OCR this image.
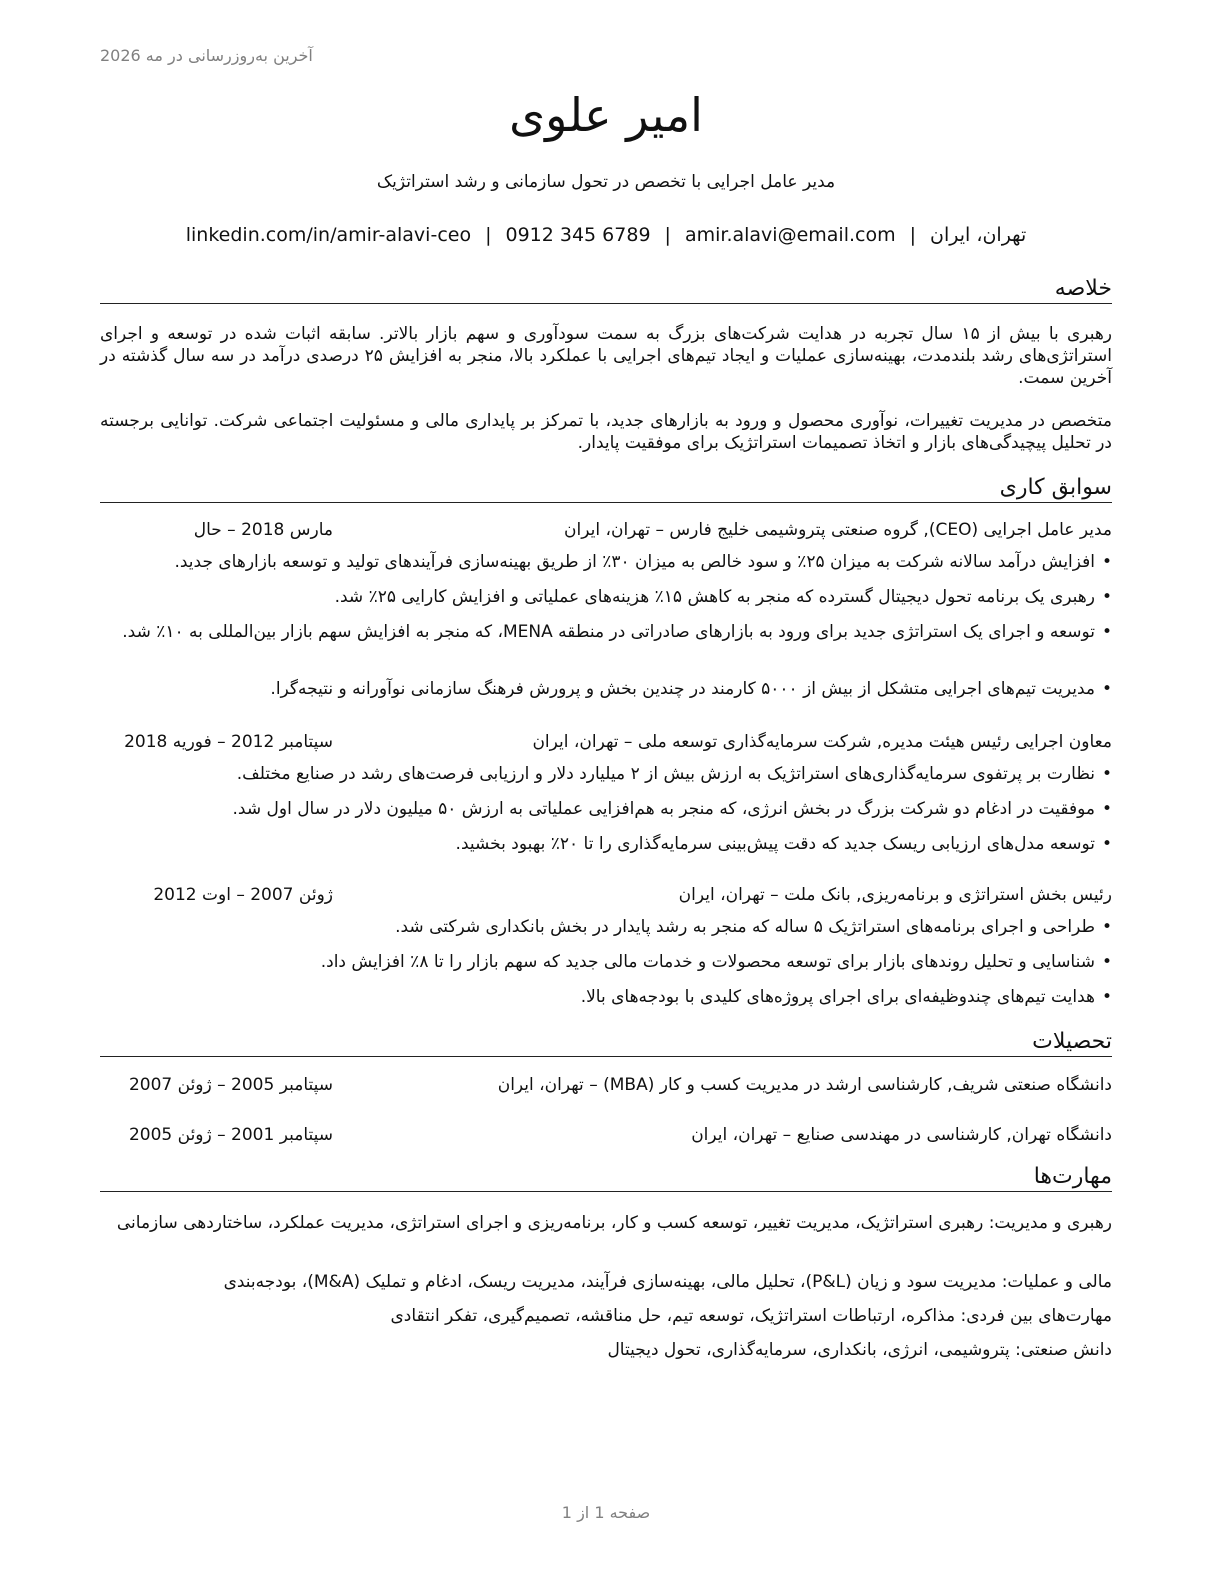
آخرین به‌روزرسانی در مه 2026
امیر علوی
مدیر عامل اجرایی با تخصص در تحول سازمانی و رشد استراتژیک
تهران، ایران|amir.alavi@email.com|0912 345 6789|linkedin.com/in/amir-alavi-ceo
خلاصه
رهبری با بیش از ۱۵ سال تجربه در هدایت شرکت‌های بزرگ به سمت سودآوری و سهم بازار بالاتر. سابقه اثبات شده در توسعه و اجرای استراتژی‌های رشد بلندمدت، بهینه‌سازی عملیات و ایجاد تیم‌های اجرایی با عملکرد بالا، منجر به افزایش ۲۵ درصدی درآمد در سه سال گذشته در آخرین سمت.
متخصص در مدیریت تغییرات، نوآوری محصول و ورود به بازارهای جدید، با تمرکز بر پایداری مالی و مسئولیت اجتماعی شرکت. توانایی برجسته در تحلیل پیچیدگی‌های بازار و اتخاذ تصمیمات استراتژیک برای موفقیت پایدار.
سوابق کاری
مدیر عامل اجرایی (CEO), گروه صنعتی پتروشیمی خلیج فارس – تهران، ایران
مارس 2018 – حال
• افزایش درآمد سالانه شرکت به میزان ۲۵٪ و سود خالص به میزان ۳۰٪ از طریق بهینه‌سازی فرآیندهای تولید و توسعه بازارهای جدید.
• رهبری یک برنامه تحول دیجیتال گسترده که منجر به کاهش ۱۵٪ هزینه‌های عملیاتی و افزایش کارایی ۲۵٪ شد.
• توسعه و اجرای یک استراتژی جدید برای ورود به بازارهای صادراتی در منطقه MENA، که منجر به افزایش سهم بازار بین‌المللی به ۱۰٪ شد.
• مدیریت تیم‌های اجرایی متشکل از بیش از ۵۰۰۰ کارمند در چندین بخش و پرورش فرهنگ سازمانی نوآورانه و نتیجه‌گرا.
معاون اجرایی رئیس هیئت مدیره, شرکت سرمایه‌گذاری توسعه ملی – تهران، ایران
سپتامبر 2012 – فوریه 2018
• نظارت بر پرتفوی سرمایه‌گذاری‌های استراتژیک به ارزش بیش از ۲ میلیارد دلار و ارزیابی فرصت‌های رشد در صنایع مختلف.
• موفقیت در ادغام دو شرکت بزرگ در بخش انرژی، که منجر به هم‌افزایی عملیاتی به ارزش ۵۰ میلیون دلار در سال اول شد.
• توسعه مدل‌های ارزیابی ریسک جدید که دقت پیش‌بینی سرمایه‌گذاری را تا ۲۰٪ بهبود بخشید.
رئیس بخش استراتژی و برنامه‌ریزی, بانک ملت – تهران، ایران
ژوئن 2007 – اوت 2012
• طراحی و اجرای برنامه‌های استراتژیک ۵ ساله که منجر به رشد پایدار در بخش بانکداری شرکتی شد.
• شناسایی و تحلیل روندهای بازار برای توسعه محصولات و خدمات مالی جدید که سهم بازار را تا ۸٪ افزایش داد.
• هدایت تیم‌های چندوظیفه‌ای برای اجرای پروژه‌های کلیدی با بودجه‌های بالا.
تحصیلات
دانشگاه صنعتی شریف, کارشناسی ارشد در مدیریت کسب و کار (MBA) – تهران، ایران
سپتامبر 2005 – ژوئن 2007
دانشگاه تهران, کارشناسی در مهندسی صنایع – تهران، ایران
سپتامبر 2001 – ژوئن 2005
مهارت‌ها
رهبری و مدیریت: رهبری استراتژیک، مدیریت تغییر، توسعه کسب و کار، برنامه‌ریزی و اجرای استراتژی، مدیریت عملکرد، ساختاردهی سازمانی
مالی و عملیات: مدیریت سود و زیان (P&L)، تحلیل مالی، بهینه‌سازی فرآیند، مدیریت ریسک، ادغام و تملیک (M&A)، بودجه‌بندی
مهارت‌های بین فردی: مذاکره، ارتباطات استراتژیک، توسعه تیم، حل مناقشه، تصمیم‌گیری، تفکر انتقادی
دانش صنعتی: پتروشیمی، انرژی، بانکداری، سرمایه‌گذاری، تحول دیجیتال
صفحه 1 از 1
